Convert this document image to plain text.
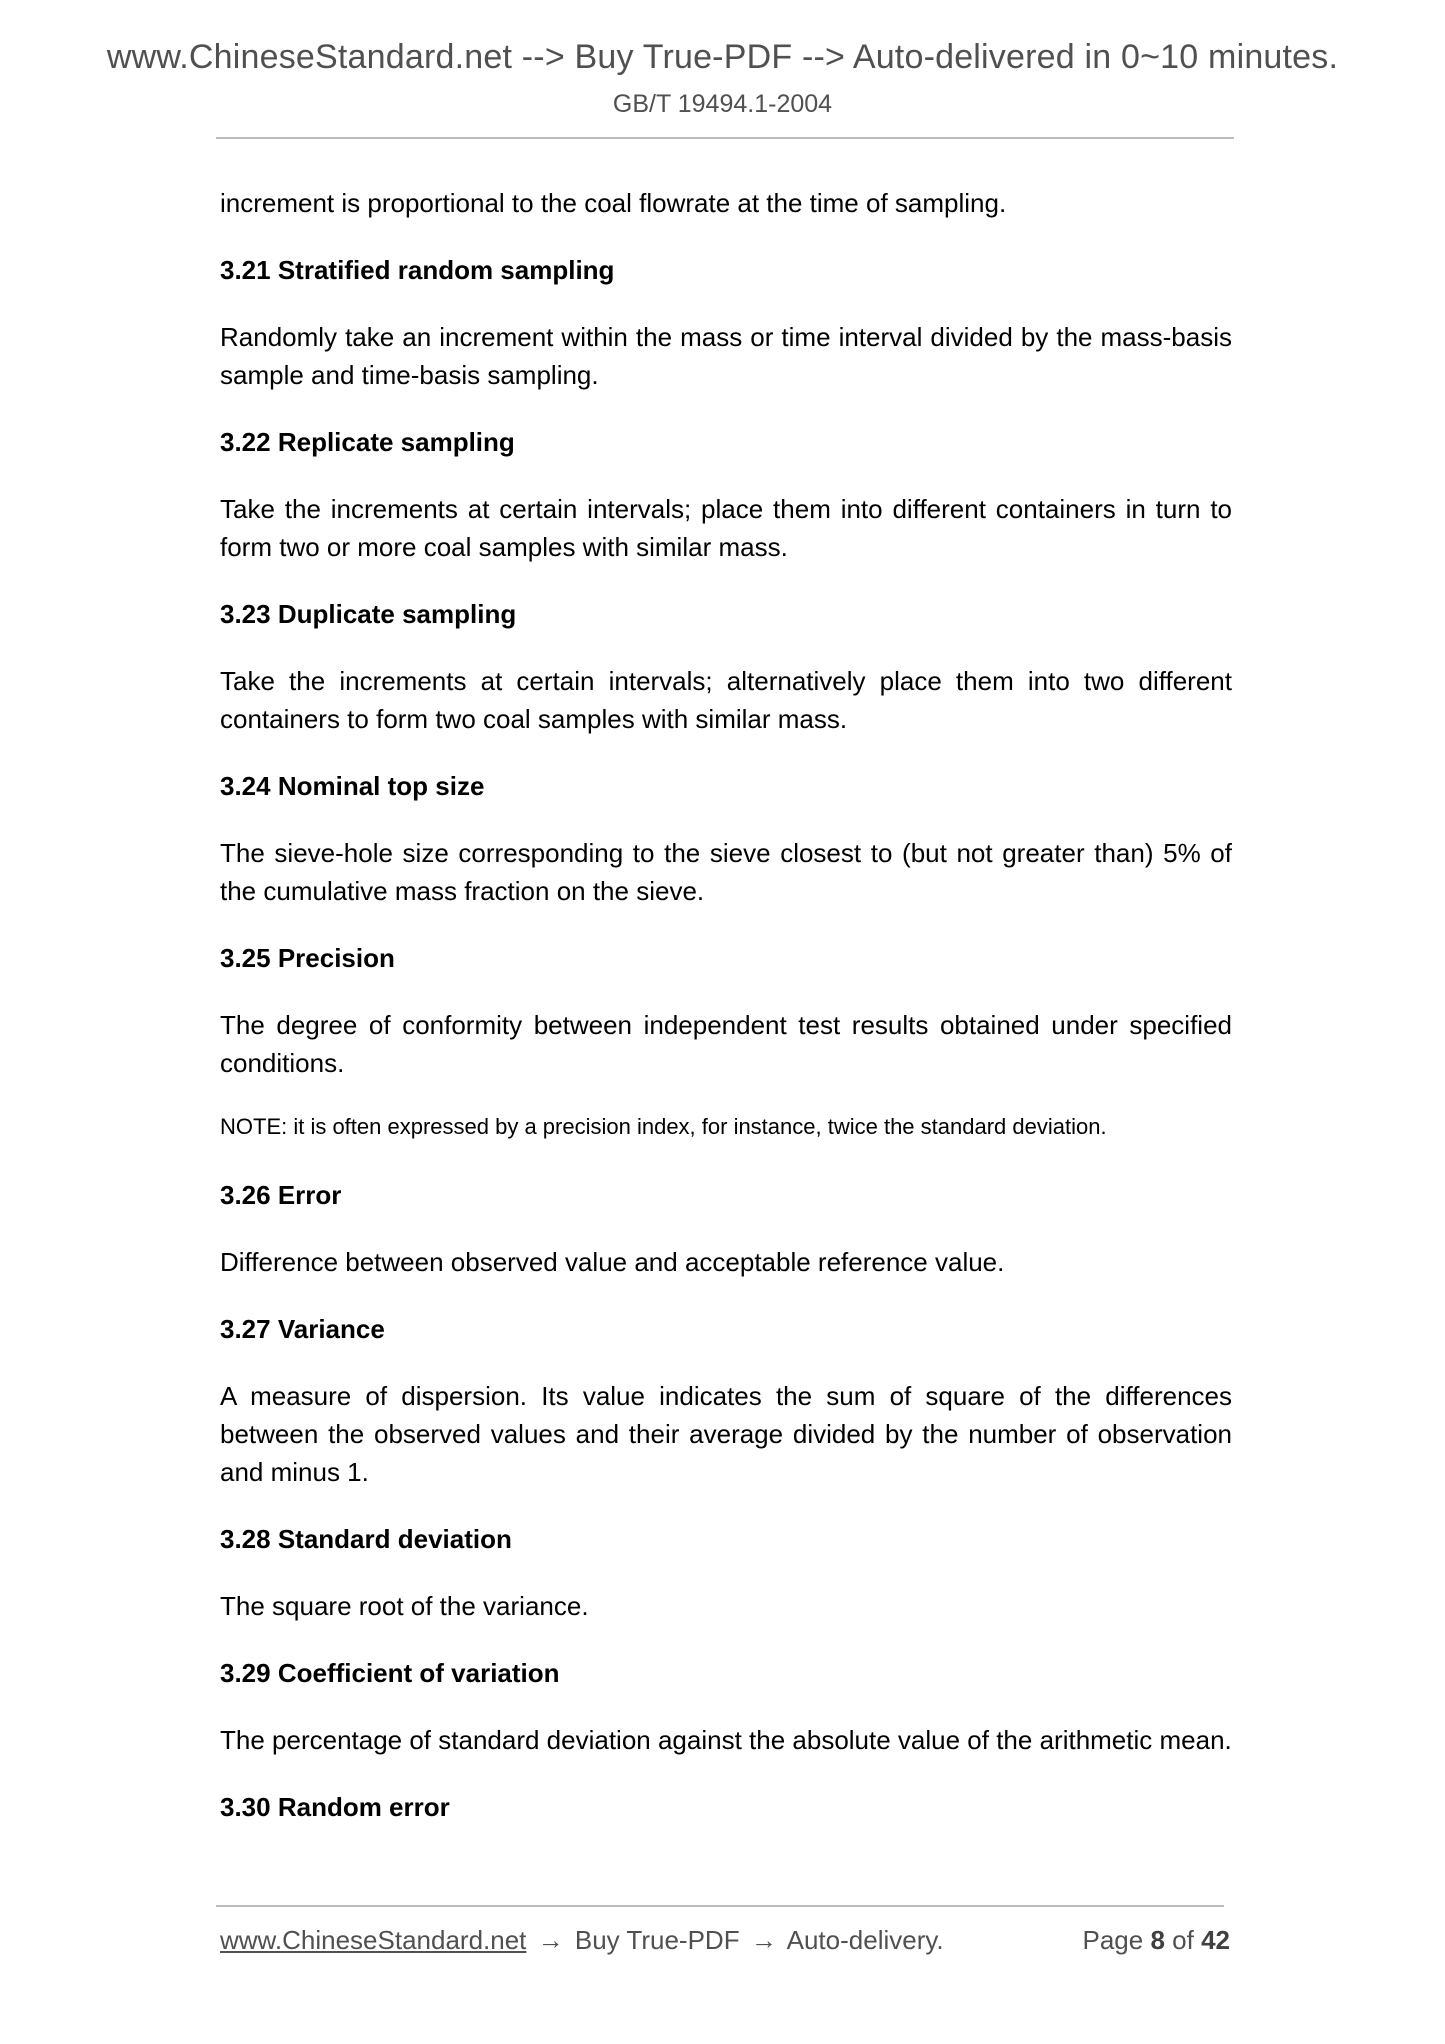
www.ChineseStandard.net --> Buy True-PDF --> Auto-delivered in 0~10 minutes.
GB/T 19494.1-2004

increment is proportional to the coal flowrate at the time of sampling.

3.21 Stratified random sampling

Randomly take an increment within the mass or time interval divided by the mass-basis sample and time-basis sampling.

3.22 Replicate sampling

Take the increments at certain intervals; place them into different containers in turn to form two or more coal samples with similar mass.

3.23 Duplicate sampling

Take the increments at certain intervals; alternatively place them into two different containers to form two coal samples with similar mass.

3.24 Nominal top size

The sieve-hole size corresponding to the sieve closest to (but not greater than) 5% of the cumulative mass fraction on the sieve.

3.25 Precision

The degree of conformity between independent test results obtained under specified conditions.

NOTE: it is often expressed by a precision index, for instance, twice the standard deviation.

3.26 Error

Difference between observed value and acceptable reference value.

3.27 Variance

A measure of dispersion. Its value indicates the sum of square of the differences between the observed values and their average divided by the number of observation and minus 1.

3.28 Standard deviation

The square root of the variance.

3.29 Coefficient of variation

The percentage of standard deviation against the absolute value of the arithmetic mean.

3.30 Random error

www.ChineseStandard.net → Buy True-PDF → Auto-delivery.	Page 8 of 42
